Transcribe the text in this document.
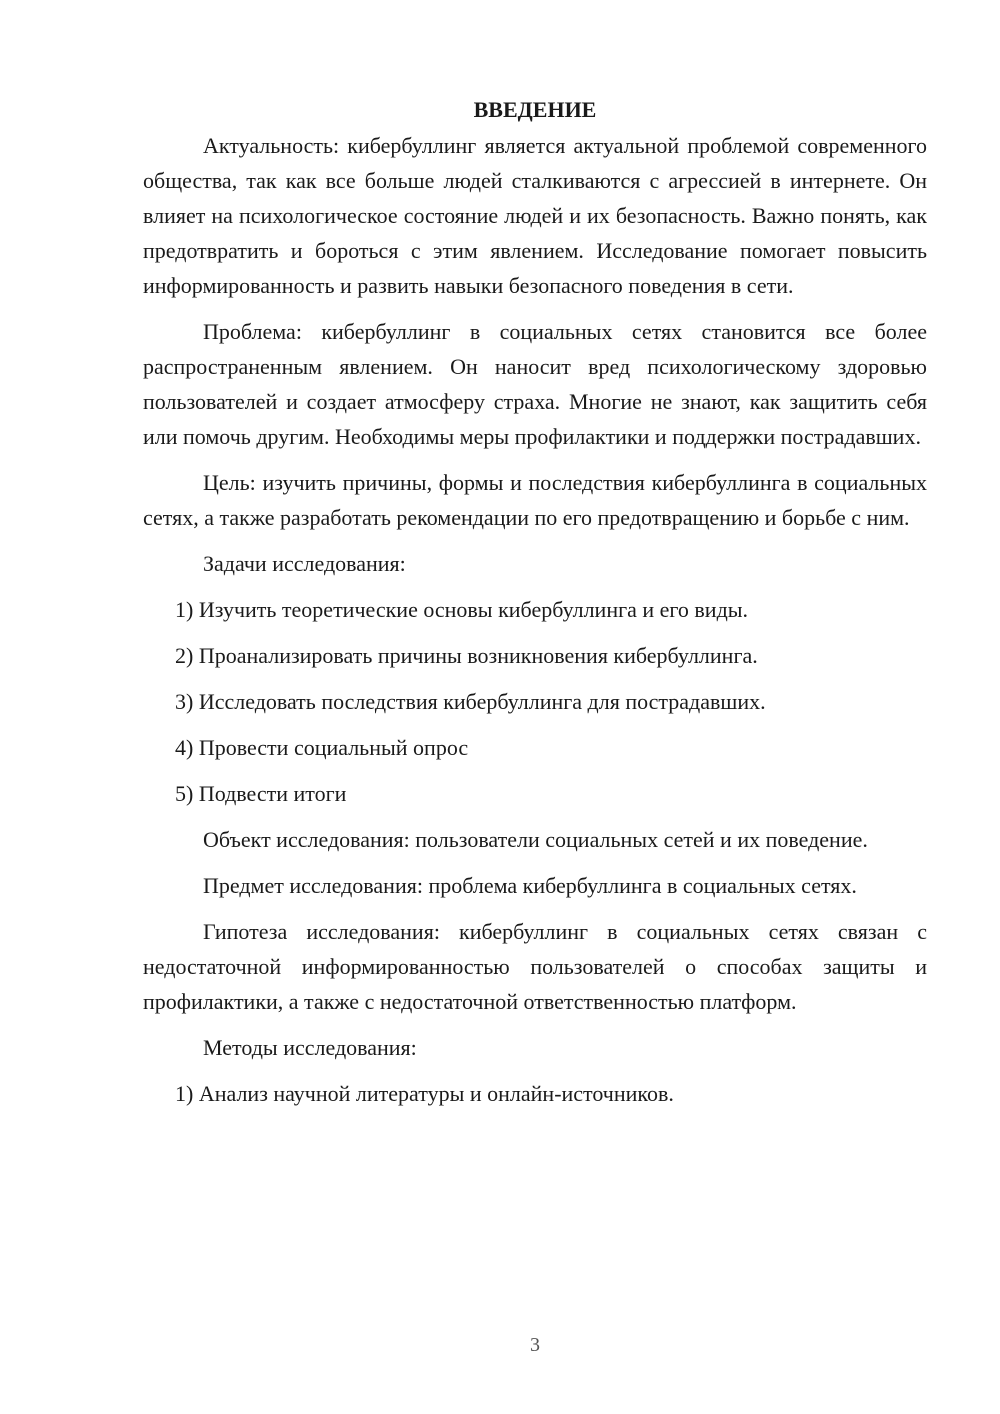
ВВЕДЕНИЕ

Актуальность: кибербуллинг является актуальной проблемой современного общества, так как все больше людей сталкиваются с агрессией в интернете. Он влияет на психологическое состояние людей и их безопасность. Важно понять, как предотвратить и бороться с этим явлением. Исследование помогает повысить информированность и развить навыки безопасного поведения в сети.

Проблема: кибербуллинг в социальных сетях становится все более распространенным явлением. Он наносит вред психологическому здоровью пользователей и создает атмосферу страха. Многие не знают, как защитить себя или помочь другим. Необходимы меры профилактики и поддержки пострадавших.

Цель: изучить причины, формы и последствия кибербуллинга в социальных сетях, а также разработать рекомендации по его предотвращению и борьбе с ним.

Задачи исследования:

1) Изучить теоретические основы кибербуллинга и его виды.

2) Проанализировать причины возникновения кибербуллинга.

3) Исследовать последствия кибербуллинга для пострадавших.

4) Провести социальный опрос

5) Подвести итоги

Объект исследования: пользователи социальных сетей и их поведение.

Предмет исследования: проблема кибербуллинга в социальных сетях.

Гипотеза исследования: кибербуллинг в социальных сетях связан с недостаточной информированностью пользователей о способах защиты и профилактики, а также с недостаточной ответственностью платформ.

Методы исследования:

1) Анализ научной литературы и онлайн-источников.

3
